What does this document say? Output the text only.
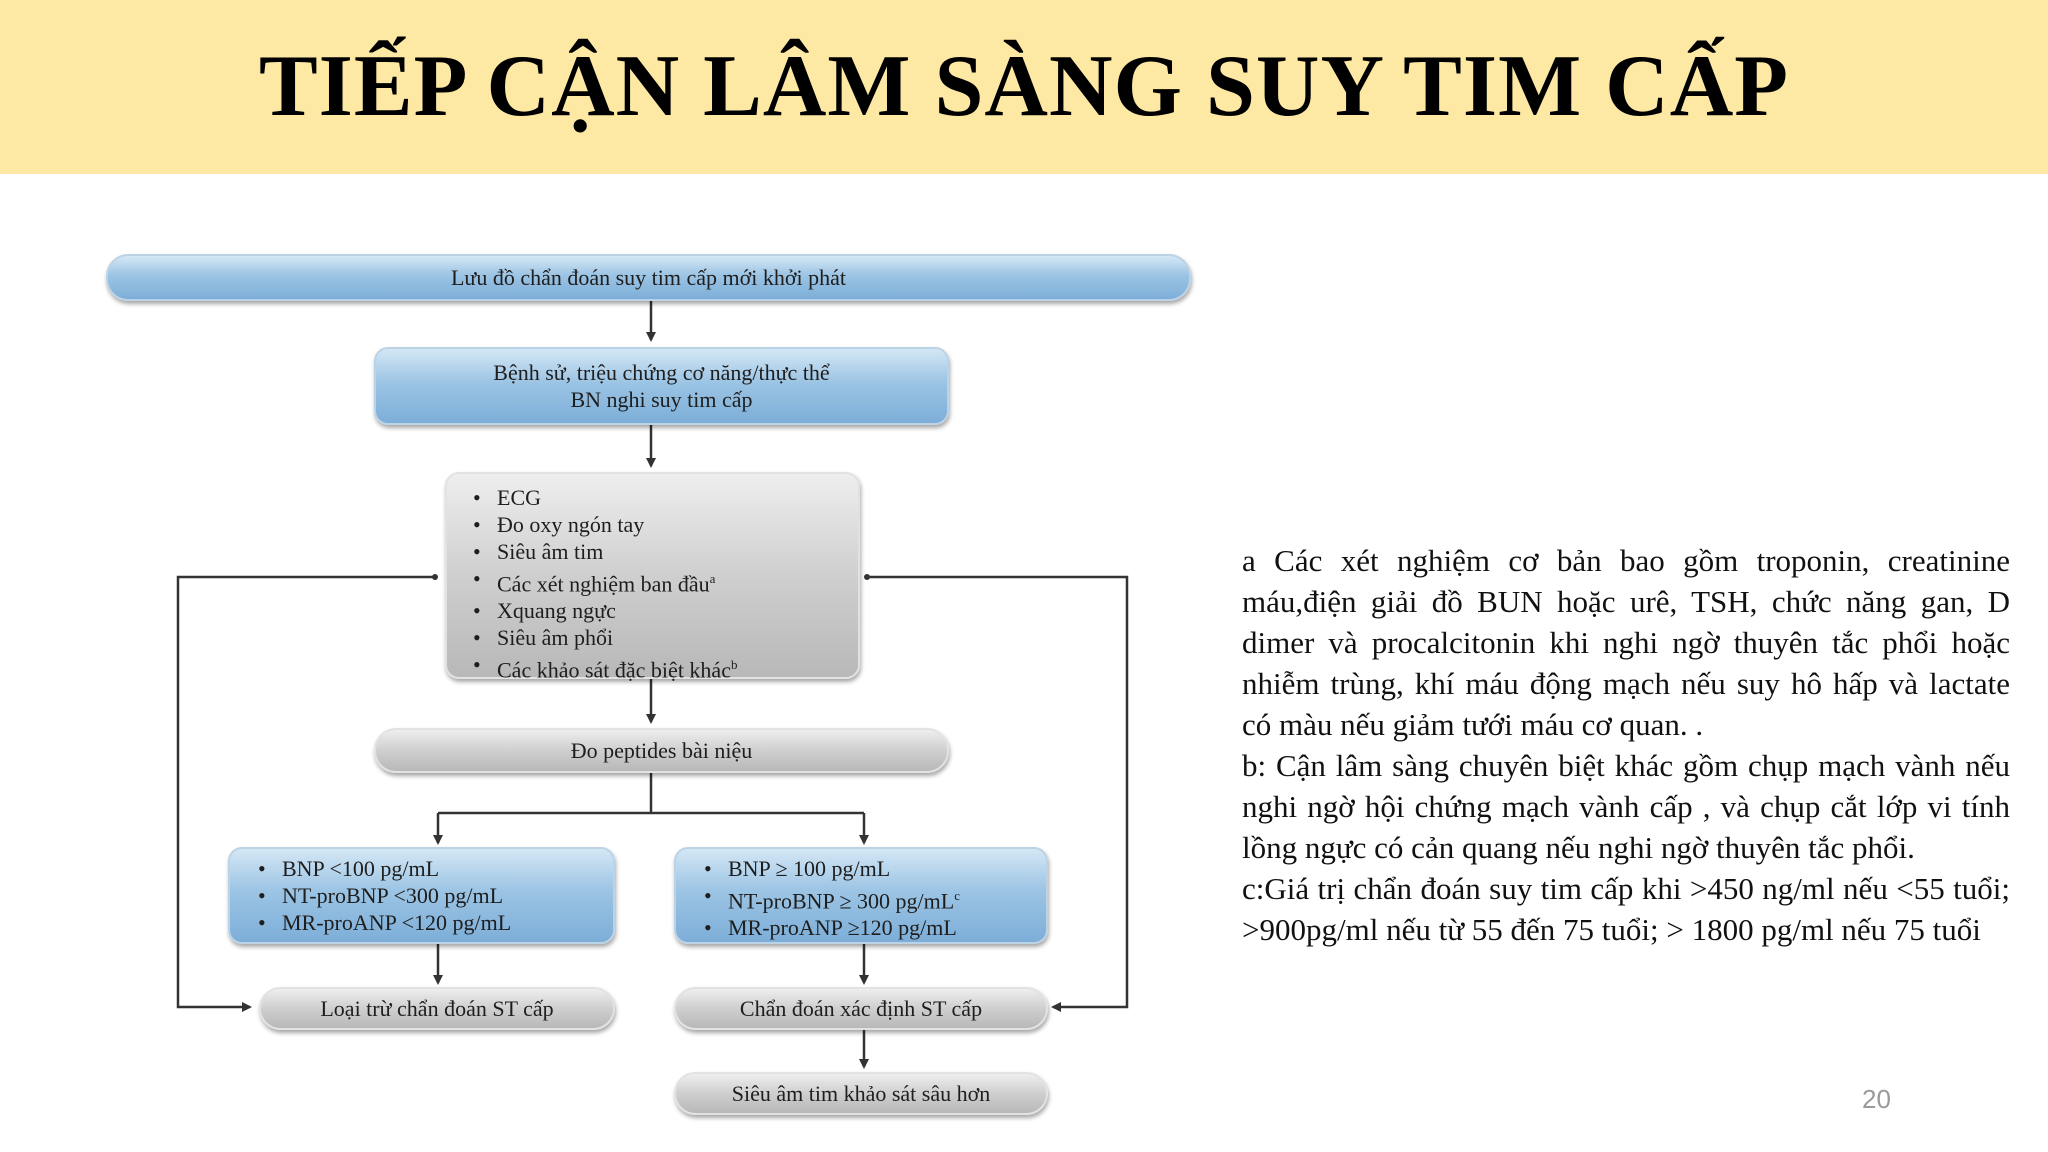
TIẾP CẬN LÂM SÀNG SUY TIM CẤP
Lưu đồ chẩn đoán suy tim cấp mới khởi phát
Bệnh sử, triệu chứng cơ năng/thực thể
BN nghi suy tim cấp
• ECG
• Đo oxy ngón tay
• Siêu âm tim
• Các xét nghiệm ban đầu$^a$
• Xquang ngực
• Siêu âm phổi
• Các khảo sát đặc biệt khác$^b$
Đo peptides bài niệu
• BNP <100 pg/mL
• NT-proBNP <300 pg/mL
• MR-proANP <120 pg/mL
• BNP ≥ 100 pg/mL
• NT-proBNP ≥ 300 $pg/mL^c$
• MR-proANP ≥120 pg/mL
Loại trừ chẩn đoán ST cấp	Chẩn đoán xác định ST cấp
Siêu âm tim khảo sát sâu hơn

a Các xét nghiệm cơ bản bao gồm troponin, creatinine máu,điện giải đồ BUN hoặc urê, TSH, chức năng gan, D dimer và procalcitonin khi nghi ngờ thuyên tắc phổi hoặc nhiễm trùng, khí máu động mạch nếu suy hô hấp và lactate có màu nếu giảm tưới máu cơ quan. .

b: Cận lâm sàng chuyên biệt khác gồm chụp mạch vành nếu nghi ngờ hội chứng mạch vành cấp , và chụp cắt lớp vi tính lồng ngực có cản quang nếu nghi ngờ thuyên tắc phổi.

c:Giá trị chẩn đoán suy tim cấp khi >450 ng/ml nếu <55 tuổi; >900pg/ml nếu từ 55 đến 75 tuổi; > 1800 pg/ml nếu 75 tuổi

20
